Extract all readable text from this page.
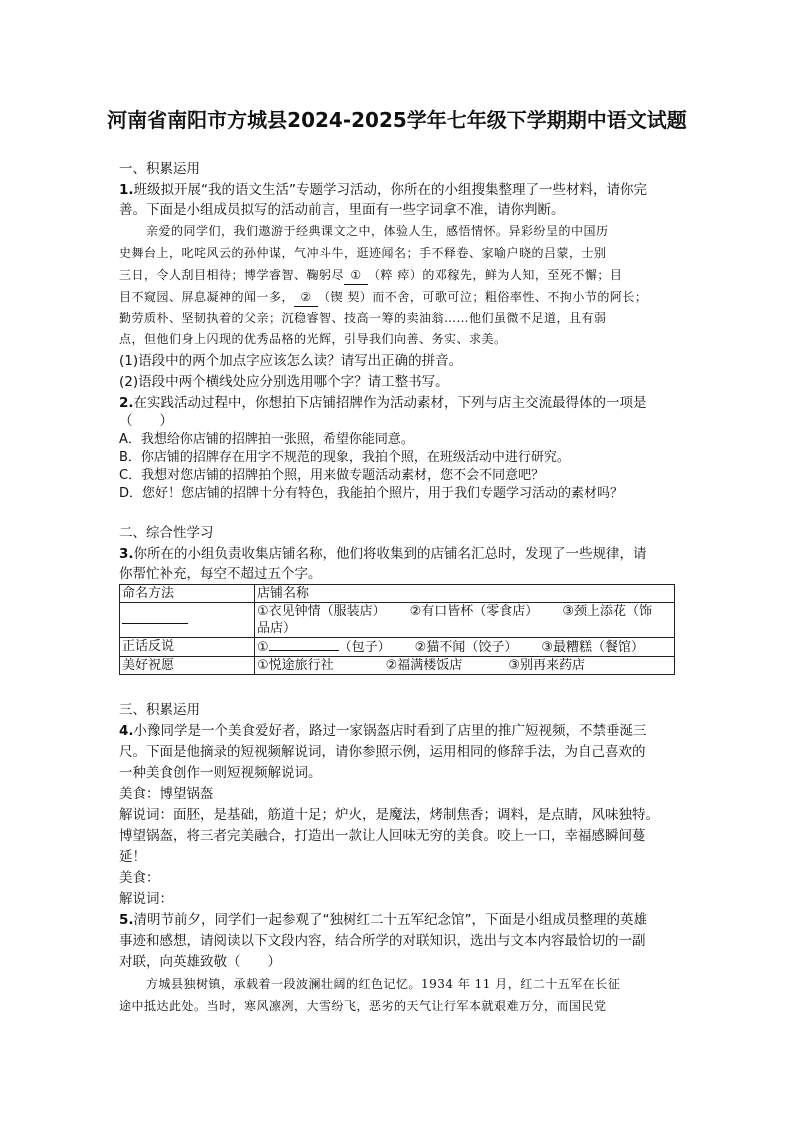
河南省南阳市方城县2024-2025学年七年级下学期期中语文试题
一、积累运用
1.班级拟开展“我的语文生活”专题学习活动，你所在的小组搜集整理了一些材料，请你完
善。下面是小组成员拟写的活动前言，里面有一些字词拿不准，请你判断。
亲爱的同学们，我们遨游于经典课文之中，体验人生，感悟情怀。异彩纷呈的中国历
史舞台上，叱咤风云的孙仲谋，气冲斗牛，逛迹闻名；手不释卷、家喻户晓的吕蒙，士别
三日，令人刮目相待；博学睿智、鞠躬尽 ① （粹 瘁）的邓稼先，鲜为人知，至死不懈；目
目不窥园、屏息凝神的闻一多， ② （锲 契）而不舍，可歌可泣；粗俗率性、不拘小节的阿长；
勤劳质朴、坚韧执着的父亲；沉稳睿智、技高一筹的卖油翁……他们虽微不足道，且有弱
点，但他们身上闪现的优秀品格的光辉，引导我们向善、务实、求美。
(1)语段中的两个加点字应该怎么读？请写出正确的拼音。
(2)语段中两个横线处应分别选用哪个字？请工整书写。
2.在实践活动过程中，你想拍下店铺招牌作为活动素材，下列与店主交流最得体的一项是
（　　）
A．我想给你店铺的招牌拍一张照，希望你能同意。
B．你店铺的招牌存在用字不规范的现象，我拍个照，在班级活动中进行研究。
C．我想对您店铺的招牌拍个照，用来做专题活动素材，您不会不同意吧？
D．您好！您店铺的招牌十分有特色，我能拍个照片，用于我们专题学习活动的素材吗？
二、综合性学习
3.你所在的小组负责收集店铺名称，他们将收集到的店铺名汇总时，发现了一些规律，请
你帮忙补充，每空不超过五个字。
命名方法	店铺名称
	①衣见钟情（服装店） ②有口皆杯（零食店） ③颈上添花（饰
品店）
正话反说	① （包子） ②猫不闻（饺子） ③最糟糕（餐馆）
美好祝愿	①悦途旅行社 ②福满楼饭店 ③别再来药店
三、积累运用
4.小豫同学是一个美食爱好者，路过一家锅盔店时看到了店里的推广短视频，不禁垂涎三
尺。下面是他摘录的短视频解说词，请你参照示例，运用相同的修辞手法，为自己喜欢的
一种美食创作一则短视频解说词。
美食：博望锅盔
解说词：面胚，是基础，筋道十足；炉火，是魔法，烤制焦香；调料，是点睛，风味独特。
博望锅盔，将三者完美融合，打造出一款让人回味无穷的美食。咬上一口，幸福感瞬间蔓
延！
美食：
解说词：
5.清明节前夕，同学们一起参观了“独树红二十五军纪念馆”，下面是小组成员整理的英雄
事迹和感想，请阅读以下文段内容，结合所学的对联知识，选出与文本内容最恰切的一副
对联，向英雄致敬（　　）
方城县独树镇，承载着一段波澜壮阔的红色记忆。1934 年 11 月，红二十五军在长征
途中抵达此处。当时，寒风凛冽，大雪纷飞，恶劣的天气让行军本就艰难万分，而国民党
